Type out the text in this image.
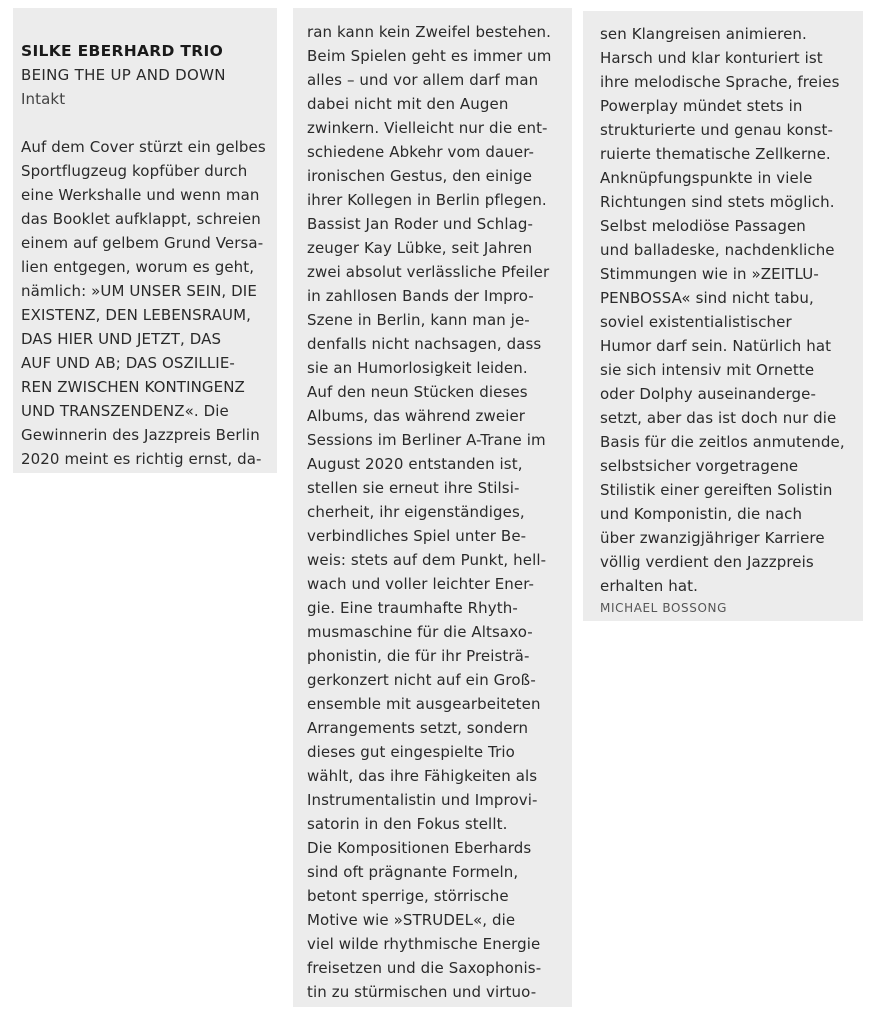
SILKE EBERHARD TRIO
BEING THE UP AND DOWN
Intakt
Auf dem Cover stürzt ein gelbes
Sportflugzeug kopfüber durch
eine Werkshalle und wenn man
das Booklet aufklappt, schreien
einem auf gelbem Grund Versa-
lien entgegen, worum es geht,
nämlich: »UM UNSER SEIN, DIE
EXISTENZ, DEN LEBENSRAUM,
DAS HIER UND JETZT, DAS
AUF UND AB; DAS OSZILLIE-
REN ZWISCHEN KONTINGENZ
UND TRANSZENDENZ«. Die
Gewinnerin des Jazzpreis Berlin
2020 meint es richtig ernst, da-
ran kann kein Zweifel bestehen.
Beim Spielen geht es immer um
alles – und vor allem darf man
dabei nicht mit den Augen
zwinkern. Vielleicht nur die ent-
schiedene Abkehr vom dauer-
ironischen Gestus, den einige
ihrer Kollegen in Berlin pflegen.
Bassist Jan Roder und Schlag-
zeuger Kay Lübke, seit Jahren
zwei absolut verlässliche Pfeiler
in zahllosen Bands der Impro-
Szene in Berlin, kann man je-
denfalls nicht nachsagen, dass
sie an Humorlosigkeit leiden.
Auf den neun Stücken dieses
Albums, das während zweier
Sessions im Berliner A-Trane im
August 2020 entstanden ist,
stellen sie erneut ihre Stilsi-
cherheit, ihr eigenständiges,
verbindliches Spiel unter Be-
weis: stets auf dem Punkt, hell-
wach und voller leichter Ener-
gie. Eine traumhafte Rhyth-
musmaschine für die Altsaxo-
phonistin, die für ihr Preisträ-
gerkonzert nicht auf ein Groß-
ensemble mit ausgearbeiteten
Arrangements setzt, sondern
dieses gut eingespielte Trio
wählt, das ihre Fähigkeiten als
Instrumentalistin und Improvi-
satorin in den Fokus stellt.
Die Kompositionen Eberhards
sind oft prägnante Formeln,
betont sperrige, störrische
Motive wie »STRUDEL«, die
viel wilde rhythmische Energie
freisetzen und die Saxophonis-
tin zu stürmischen und virtuo-
sen Klangreisen animieren.
Harsch und klar konturiert ist
ihre melodische Sprache, freies
Powerplay mündet stets in
strukturierte und genau konst-
ruierte thematische Zellkerne.
Anknüpfungspunkte in viele
Richtungen sind stets möglich.
Selbst melodiöse Passagen
und balladeske, nachdenkliche
Stimmungen wie in »ZEITLU-
PENBOSSA« sind nicht tabu,
soviel existentialistischer
Humor darf sein. Natürlich hat
sie sich intensiv mit Ornette
oder Dolphy auseinanderge-
setzt, aber das ist doch nur die
Basis für die zeitlos anmutende,
selbstsicher vorgetragene
Stilistik einer gereiften Solistin
und Komponistin, die nach
über zwanzigjähriger Karriere
völlig verdient den Jazzpreis
erhalten hat.
MICHAEL BOSSONG
